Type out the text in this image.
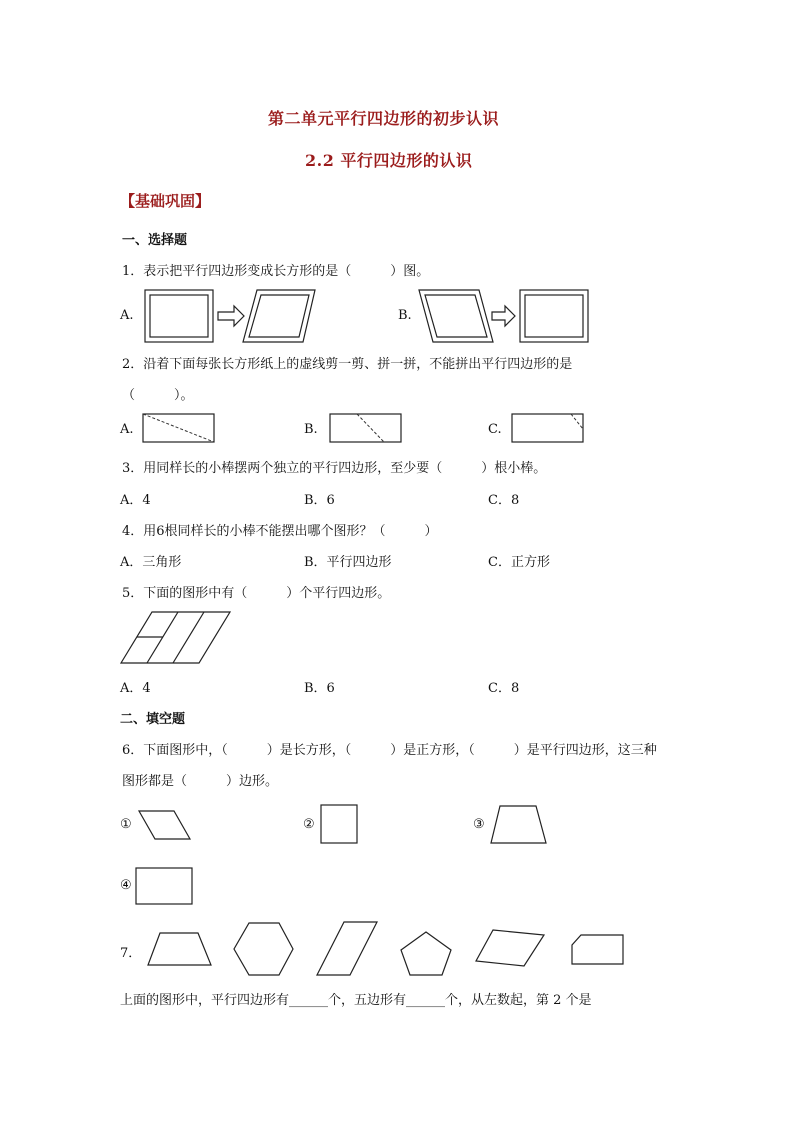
第二单元平行四边形的初步认识
2.2 平行四边形的认识
【基础巩固】
一、选择题
1．表示把平行四边形变成长方形的是（　　　）图。
A.	B.
2．沿着下面每张长方形纸上的虚线剪一剪、拼一拼，不能拼出平行四边形的是
（　　　）。
A.	B.	C.
3．用同样长的小棒摆两个独立的平行四边形，至少要（　　　）根小棒。
A．4	B．6	C．8
4．用6根同样长的小棒不能摆出哪个图形？（　　　）
A．三角形	B．平行四边形	C．正方形
5．下面的图形中有（　　　）个平行四边形。
A．4	B．6	C．8
二、填空题
6．下面图形中，（　　　）是长方形，（　　　）是正方形，（　　　）是平行四边形，这三种
图形都是（　　　）边形。
①	②	③
④
7．
上面的图形中，平行四边形有______个，五边形有______个，从左数起，第 2 个是
